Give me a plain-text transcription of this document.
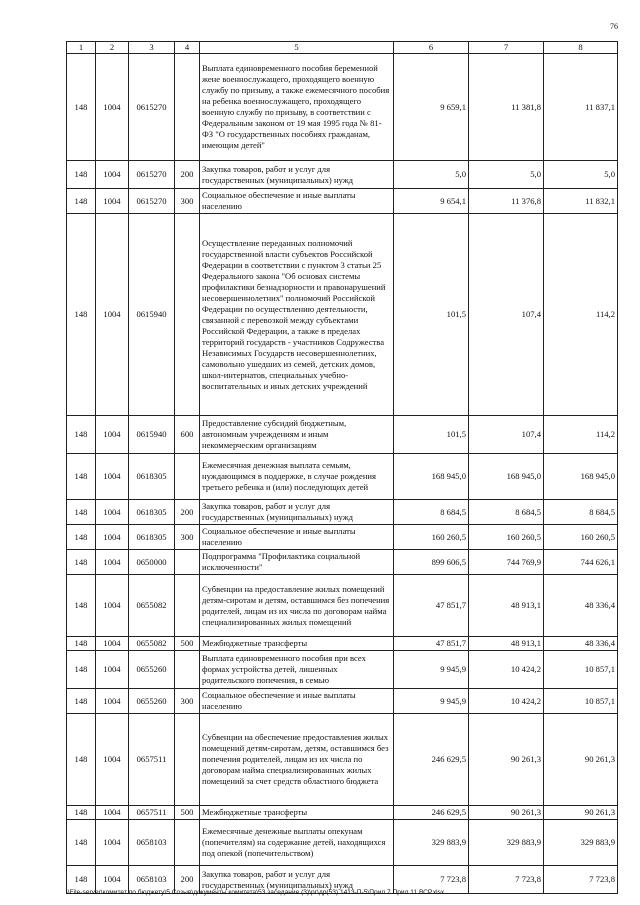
76
1	2	3	4	5	6	7	8
148	1004	0615270		Выплата единовременного пособия беременной жене военнослужащего, проходящего военную службу по призыву, а также ежемесячного пособия на ребенка военнослужащего, проходящего военную службу по призыву, в соответствии с Федеральным законом от 19 мая 1995 года № 81-ФЗ "О государственных пособиях гражданам, имеющим детей"	9 659,1	11 381,8	11 837,1
148	1004	0615270	200	Закупка товаров, работ и услуг для государственных (муниципальных) нужд	5,0	5,0	5,0
148	1004	0615270	300	Социальное обеспечение и иные выплаты населению	9 654,1	11 376,8	11 832,1
148	1004	0615940		Осуществление переданных полномочий государственной власти субъектов Российской Федерации в соответствии с пунктом 3 статьи 25 Федерального закона "Об основах системы профилактики безнадзорности и правонарушений несовершеннолетних" полномочий Российской Федерации по осуществлению деятельности, связанной с перевозкой между субъектами Российской Федерации, а также в пределах территорий государств - участников Содружества Независимых Государств несовершеннолетних, самовольно ушедших из семей, детских домов, школ-интернатов, специальных учебно-воспитательных и иных детских учреждений	101,5	107,4	114,2
148	1004	0615940	600	Предоставление субсидий бюджетным, автономным учреждениям и иным некоммерческим организациям	101,5	107,4	114,2
148	1004	0618305		Ежемесячная денежная выплата семьям, нуждающимся в поддержке, в случае рождения третьего ребенка и (или) последующих детей	168 945,0	168 945,0	168 945,0
148	1004	0618305	200	Закупка товаров, работ и услуг для государственных (муниципальных) нужд	8 684,5	8 684,5	8 684,5
148	1004	0618305	300	Социальное обеспечение и иные выплаты населению	160 260,5	160 260,5	160 260,5
148	1004	0650000		Подпрограмма "Профилактика социальной исключенности"	899 606,5	744 769,9	744 626,1
148	1004	0655082		Субвенции на предоставление жилых помещений детям-сиротам и детям, оставшимся без попечения родителей, лицам из их числа по договорам найма специализированных жилых помещений	47 851,7	48 913,1	48 336,4
148	1004	0655082	500	Межбюджетные трансферты	47 851,7	48 913,1	48 336,4
148	1004	0655260		Выплата единовременного пособия при всех формах устройства детей, лишенных родительского попечения, в семью	9 945,9	10 424,2	10 857,1
148	1004	0655260	300	Социальное обеспечение и иные выплаты населению	9 945,9	10 424,2	10 857,1
148	1004	0657511		Субвенции на обеспечение предоставления жилых помещений детям-сиротам, детям, оставшимся без попечения родителей, лицам из их числа по договорам найма специализированных жилых помещений за счет средств областного бюджета	246 629,5	90 261,3	90 261,3
148	1004	0657511	500	Межбюджетные трансферты	246 629,5	90 261,3	90 261,3
148	1004	0658103		Ежемесячные денежные выплаты опекунам (попечителям) на содержание детей, находящихся под опекой (попечительством)	329 883,9	329 883,9	329 883,9
148	1004	0658103	200	Закупка товаров, работ и услуг для государственных (муниципальных) нужд	7 723,8	7 723,8	7 723,8
\\File-server\комитет по бюджету\5 Созыв\документы комитета\53 заседание (3)\рг\др(53) 1413-П-5\Прил 7 Прил 11 ВСР.xlsx
